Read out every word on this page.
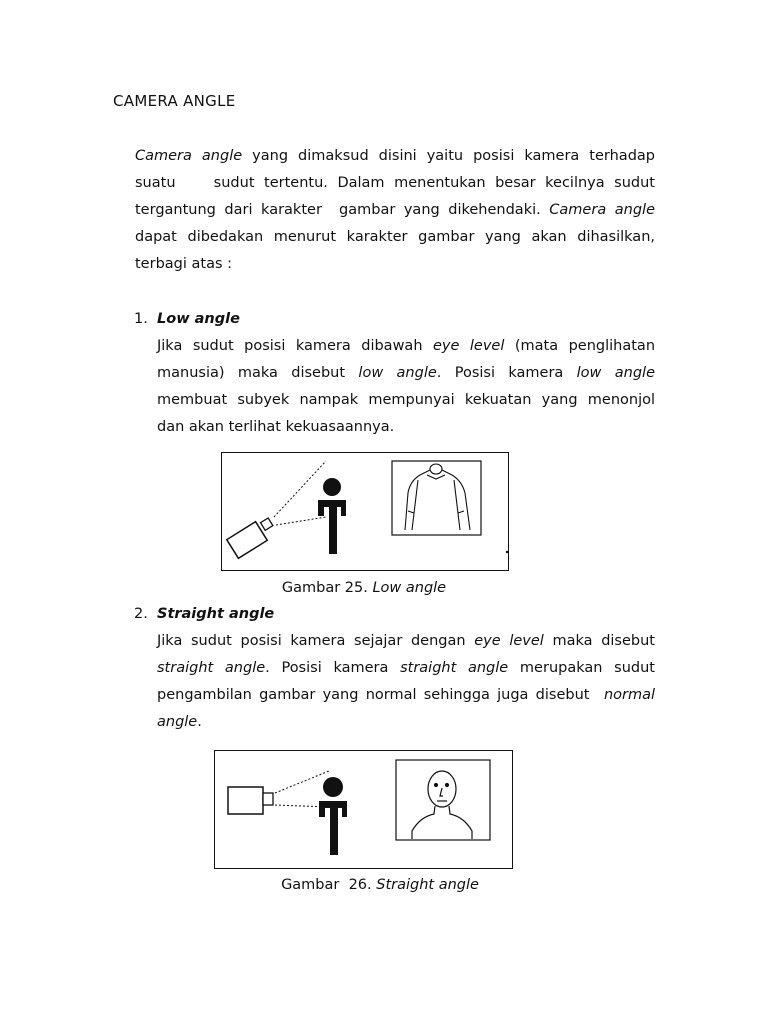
CAMERA ANGLE
Camera angle yang dimaksud disini yaitu posisi kamera terhadap
suatu    sudut tertentu. Dalam menentukan besar kecilnya sudut
tergantung dari karakter  gambar yang dikehendaki. Camera angle
dapat dibedakan menurut karakter gambar yang akan dihasilkan,
terbagi atas :
1. Low angle
Jika sudut posisi kamera dibawah eye level (mata penglihatan
manusia) maka disebut low angle. Posisi kamera low angle
membuat subyek nampak mempunyai kekuatan yang menonjol
dan akan terlihat kekuasaannya.
Gambar 25. Low angle
2. Straight angle
Jika sudut posisi kamera sejajar dengan eye level maka disebut
straight angle. Posisi kamera straight angle merupakan sudut
pengambilan gambar yang normal sehingga juga disebut  normal
angle.
Gambar  26. Straight angle
